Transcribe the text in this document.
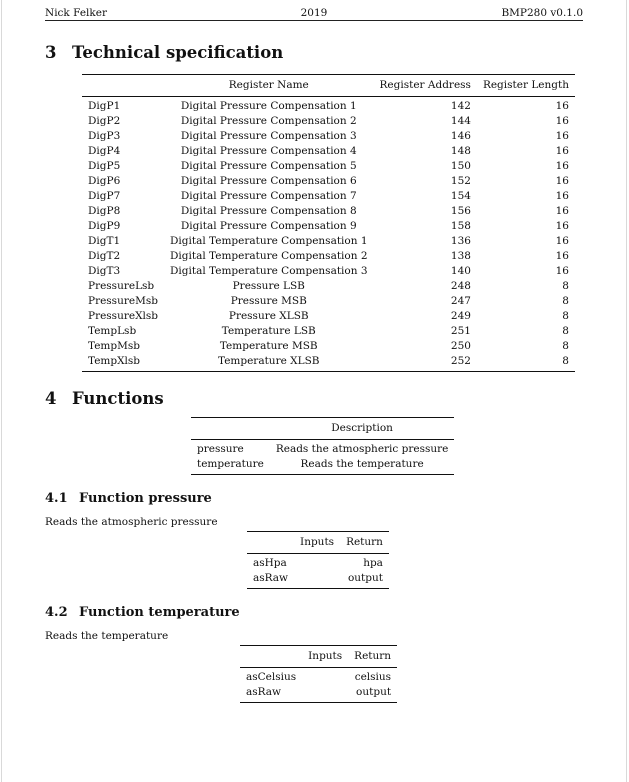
Nick Felker	2019	BMP280 v0.1.0
3 Technical specification
	Register Name	Register Address	Register Length
DigP1	Digital Pressure Compensation 1	142	16
DigP2	Digital Pressure Compensation 2	144	16
DigP3	Digital Pressure Compensation 3	146	16
DigP4	Digital Pressure Compensation 4	148	16
DigP5	Digital Pressure Compensation 5	150	16
DigP6	Digital Pressure Compensation 6	152	16
DigP7	Digital Pressure Compensation 7	154	16
DigP8	Digital Pressure Compensation 8	156	16
DigP9	Digital Pressure Compensation 9	158	16
DigT1	Digital Temperature Compensation 1	136	16
DigT2	Digital Temperature Compensation 2	138	16
DigT3	Digital Temperature Compensation 3	140	16
PressureLsb	Pressure LSB	248	8
PressureMsb	Pressure MSB	247	8
PressureXlsb	Pressure XLSB	249	8
TempLsb	Temperature LSB	251	8
TempMsb	Temperature MSB	250	8
TempXlsb	Temperature XLSB	252	8
4 Functions
	Description
pressure	Reads the atmospheric pressure
temperature	Reads the temperature
4.1 Function pressure
Reads the atmospheric pressure
	Inputs	Return
asHpa		hpa
asRaw		output
4.2 Function temperature
Reads the temperature
	Inputs	Return
asCelsius		celsius
asRaw		output
